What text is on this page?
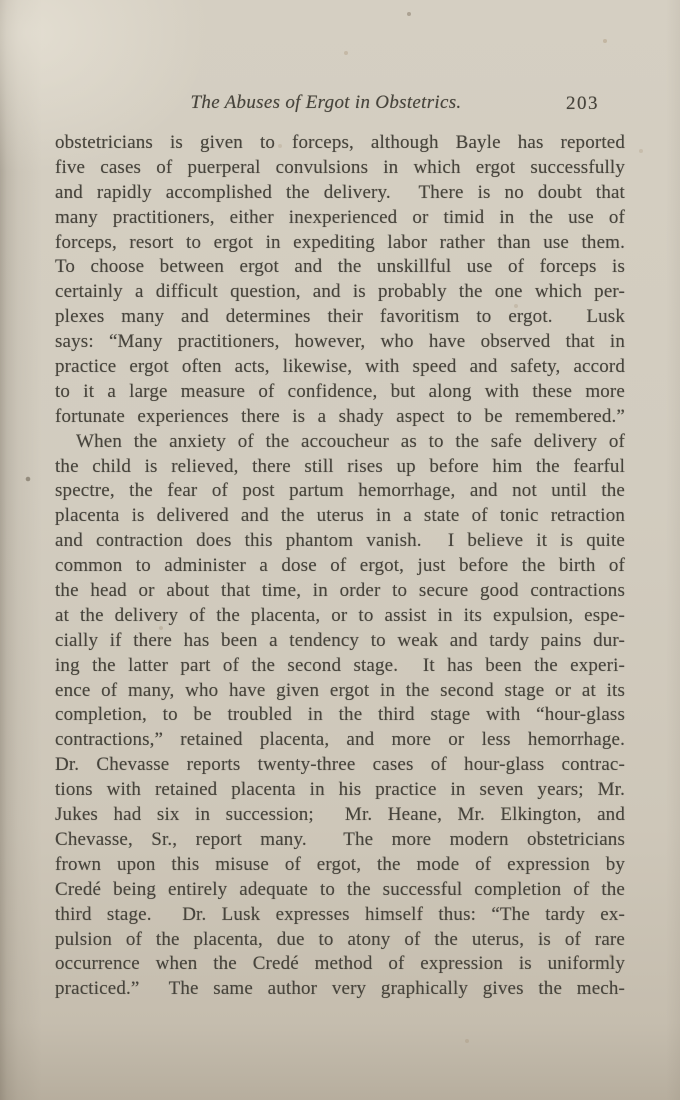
The Abuses of Ergot in Obstetrics.	203
obstetricians is given to forceps, although Bayle has reported
five cases of puerperal convulsions in which ergot successfully
and rapidly accomplished the delivery.  There is no doubt that
many practitioners, either inexperienced or timid in the use of
forceps, resort to ergot in expediting labor rather than use them.
To choose between ergot and the unskillful use of forceps is
certainly a difficult question, and is probably the one which per-
plexes many and determines their favoritism to ergot.  Lusk
says: “Many practitioners, however, who have observed that in
practice ergot often acts, likewise, with speed and safety, accord
to it a large measure of confidence, but along with these more
fortunate experiences there is a shady aspect to be remembered.”
When the anxiety of the accoucheur as to the safe delivery of
the child is relieved, there still rises up before him the fearful
spectre, the fear of post partum hemorrhage, and not until the
placenta is delivered and the uterus in a state of tonic retraction
and contraction does this phantom vanish.  I believe it is quite
common to administer a dose of ergot, just before the birth of
the head or about that time, in order to secure good contractions
at the delivery of the placenta, or to assist in its expulsion, espe-
cially if there has been a tendency to weak and tardy pains dur-
ing the latter part of the second stage.  It has been the experi-
ence of many, who have given ergot in the second stage or at its
completion, to be troubled in the third stage with “hour-glass
contractions,” retained placenta, and more or less hemorrhage.
Dr. Chevasse reports twenty-three cases of hour-glass contrac-
tions with retained placenta in his practice in seven years; Mr.
Jukes had six in succession;  Mr. Heane, Mr. Elkington, and
Chevasse, Sr., report many.  The more modern obstetricians
frown upon this misuse of ergot, the mode of expression by
Credé being entirely adequate to the successful completion of the
third stage.  Dr. Lusk expresses himself thus: “The tardy ex-
pulsion of the placenta, due to atony of the uterus, is of rare
occurrence when the Credé method of expression is uniformly
practiced.”  The same author very graphically gives the mech-
